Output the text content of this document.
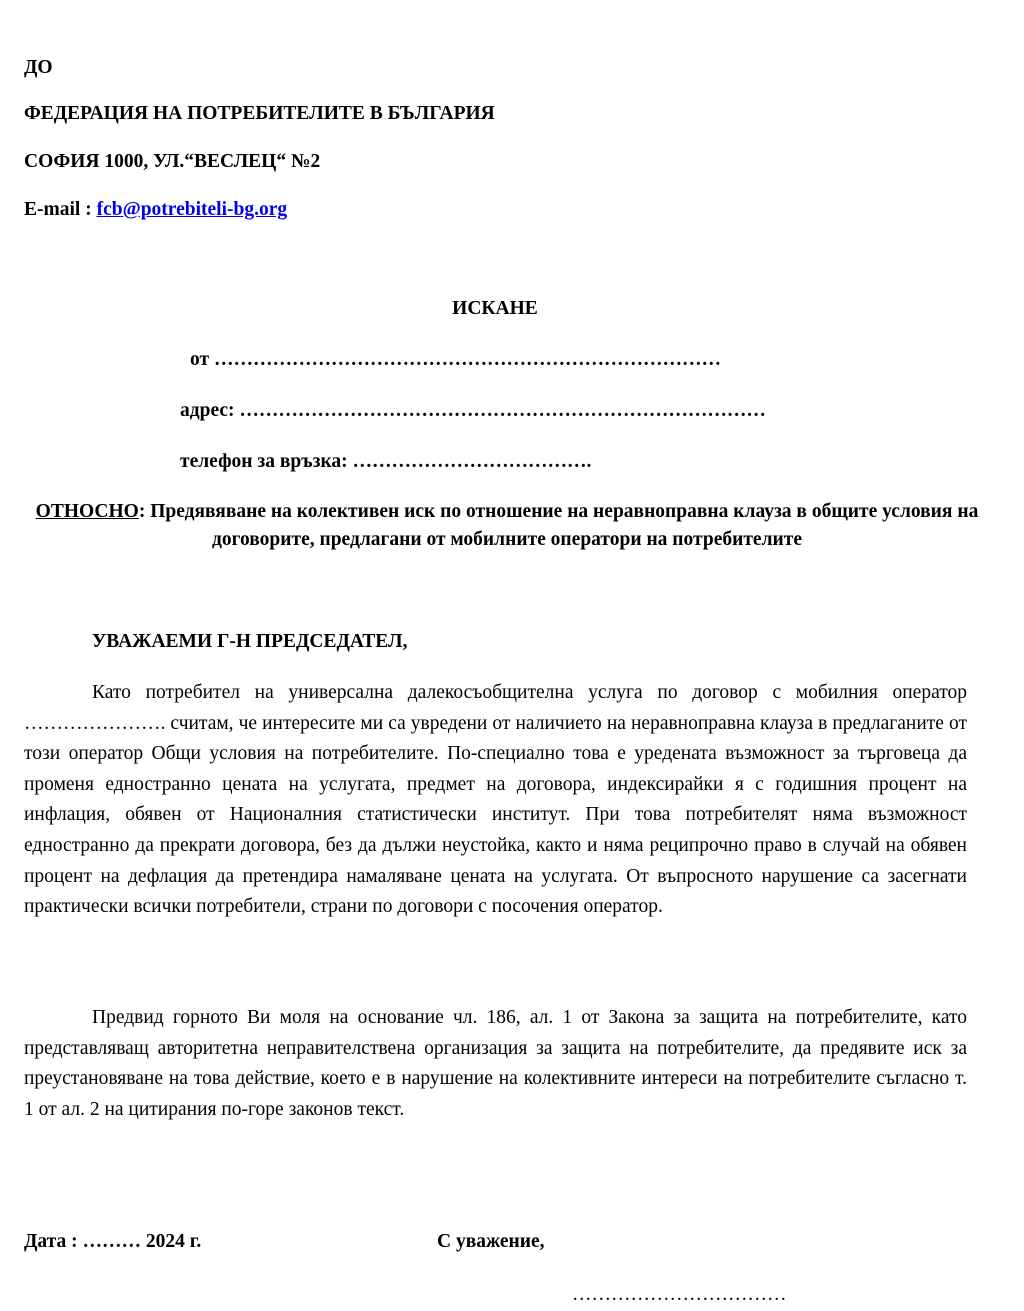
ДО
ФЕДЕРАЦИЯ НА ПОТРЕБИТЕЛИТЕ В БЪЛГАРИЯ
СОФИЯ 1000, УЛ.“ВЕСЛЕЦ“ №2
E-mail : fcb@potrebiteli-bg.org
ИСКАНЕ
от ……………………………………………………………………
адрес: ………………………………………………………………………
телефон за връзка: ……………………………….
ОТНОСНО: Предявяване на колективен иск по отношение на неравноправна клауза в общите условия на договорите, предлагани от мобилните оператори на потребителите
УВАЖАЕМИ Г-Н ПРЕДСЕДАТЕЛ,

Като потребител на универсална далекосъобщителна услуга по договор с мобилния оператор …………………. считам, че интересите ми са увредени от наличието на неравноправна клауза в предлаганите от този оператор Общи условия на потребителите. По-специално това е уредената възможност за търговеца да променя едностранно цената на услугата, предмет на договора, индексирайки я с годишния процент на инфлация, обявен от Националния статистически институт. При това потребителят няма възможност едностранно да прекрати договора, без да дължи неустойка, както и няма реципрочно право в случай на обявен процент на дефлация да претендира намаляване цената на услугата. От въпросното нарушение са засегнати практически всички потребители, страни по договори с посочения оператор.

Предвид горното Ви моля на основание чл. 186, ал. 1 от Закона за защита на потребителите, като представляващ авторитетна неправителствена организация за защита на потребителите, да предявите иск за преустановяване на това действие, което е в нарушение на колективните интереси на потребителите съгласно т. 1 от ал. 2 на цитирания по-горе законов текст.

Дата : ……… 2024 г.	С уважение,
……………………………
